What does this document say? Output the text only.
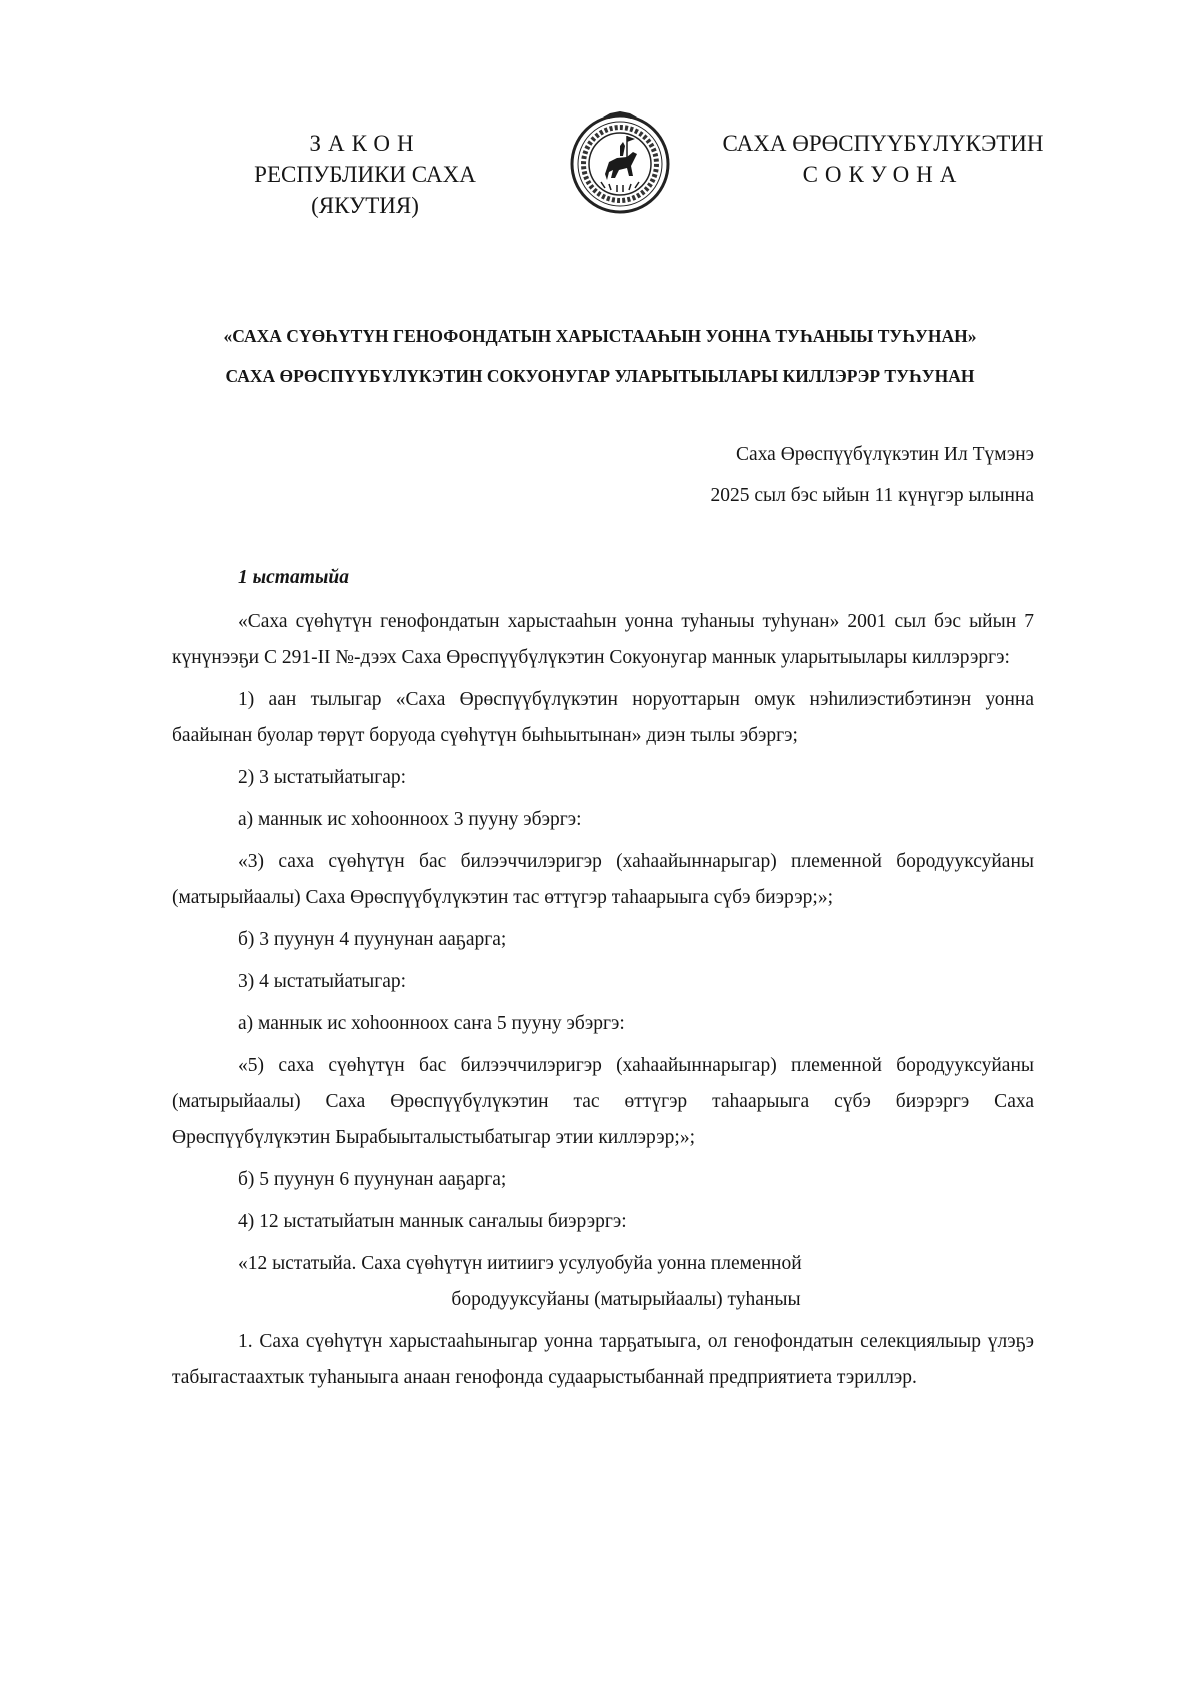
ЗАКОН
РЕСПУБЛИКИ САХА (ЯКУТИЯ)
САХА ӨРӨСПҮҮБҮЛҮКЭТИН
СОКУОНА
«САХА СҮӨҺҮТҮН ГЕНОФОНДАТЫН ХАРЫСТААҺЫН УОННА ТУҺАНЫЫ ТУҺУНАН»
САХА ӨРӨСПҮҮБҮЛҮКЭТИН СОКУОНУГАР УЛАРЫТЫЫЛАРЫ КИЛЛЭРЭР ТУҺУНАН
Саха Өрөспүүбүлүкэтин Ил Түмэнэ
2025 сыл бэс ыйын 11 күнүгэр ылынна

1 ыстатыйа

«Саха сүөһүтүн генофондатын харыстааһын уонна туһаныы туһунан» 2001 сыл бэс ыйын 7 күнүнээҕи С 291-II №-дээх Саха Өрөспүүбүлүкэтин Сокуонугар маннык уларытыылары киллэрэргэ:

1) аан тылыгар «Саха Өрөспүүбүлүкэтин норуоттарын омук нэһилиэстибэтинэн уонна баайынан буолар төрүт боруода сүөһүтүн быһыытынан» диэн тылы эбэргэ;

2) 3 ыстатыйатыгар:

а) маннык ис хоһоонноох 3 пууну эбэргэ:

«3) саха сүөһүтүн бас билээччилэригэр (хаһаайыннарыгар) племенной бородууксуйаны (матырыйаалы) Саха Өрөспүүбүлүкэтин тас өттүгэр таһаарыыга сүбэ биэрэр;»;

б) 3 пуунун 4 пуунунан ааҕарга;

3) 4 ыстатыйатыгар:

а) маннык ис хоһоонноох саҥа 5 пууну эбэргэ:

«5) саха сүөһүтүн бас билээччилэригэр (хаһаайыннарыгар) племенной бородууксуйаны (матырыйаалы) Саха Өрөспүүбүлүкэтин тас өттүгэр таһаарыыга сүбэ биэрэргэ Саха Өрөспүүбүлүкэтин Бырабыыталыстыбатыгар этии киллэрэр;»;

б) 5 пуунун 6 пуунунан ааҕарга;

4) 12 ыстатыйатын маннык саҥалыы биэрэргэ:

«12 ыстатыйа. Саха сүөһүтүн иитиигэ усулуобуйа уонна племенной

бородууксуйаны (матырыйаалы) туһаныы

1. Саха сүөһүтүн харыстааһыныгар уонна тарҕатыыга, ол генофондатын селекциялыыр үлэҕэ табыгастаахтык туһаныыга анаан генофонда судаарыстыбаннай предприятиета тэриллэр.
